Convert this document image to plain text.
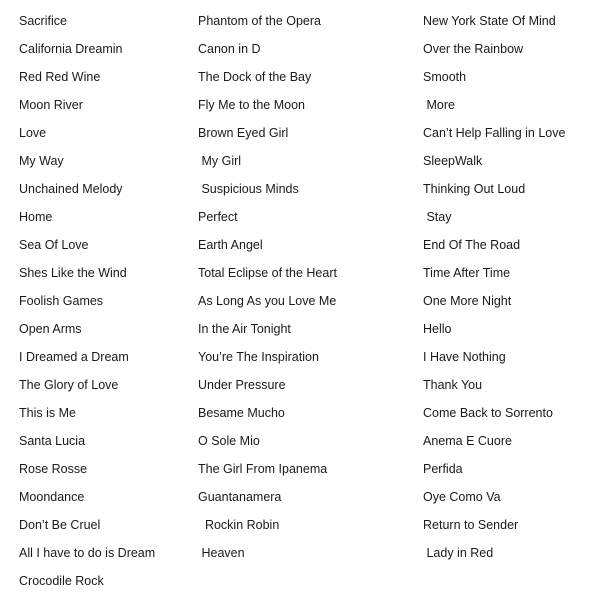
Sacrifice
California Dreamin
Red Red Wine
Moon River
Love
My Way
Unchained Melody
Home
Sea Of Love
Shes Like the Wind
Foolish Games
Open Arms
I Dreamed a Dream
The Glory of Love
This is Me
Santa Lucia
Rose Rosse
Moondance
Don’t Be Cruel
All I have to do is Dream
Crocodile Rock
Phantom of the Opera
Canon in D
The Dock of the Bay
Fly Me to the Moon
Brown Eyed Girl
My Girl
Suspicious Minds
Perfect
Earth Angel
Total Eclipse of the Heart
As Long As you Love Me
In the Air Tonight
You’re The Inspiration
Under Pressure
Besame Mucho
O Sole Mio
The Girl From Ipanema
Guantanamera
Rockin Robin
Heaven
New York State Of Mind
Over the Rainbow
Smooth
More
Can’t Help Falling in Love
SleepWalk
Thinking Out Loud
Stay
End Of The Road
Time After Time
One More Night
Hello
I Have Nothing
Thank You
Come Back to Sorrento
Anema E Cuore
Perfida
Oye Como Va
Return to Sender
Lady in Red
